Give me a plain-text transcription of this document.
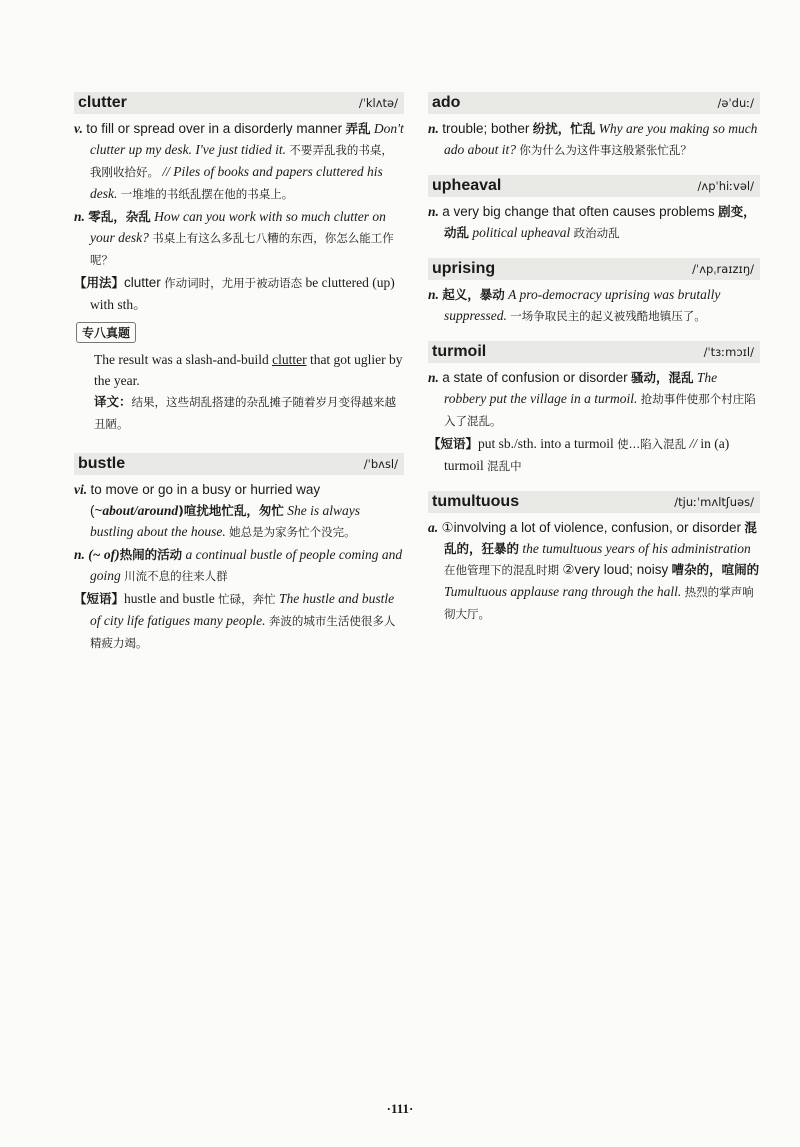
clutter	/ˈklʌtə/

v. to fill or spread over in a disorderly manner 弄乱 Don't clutter up my desk. I've just tidied it. 不要弄乱我的书桌，我刚收拾好。 // Piles of books and papers cluttered his desk. 一堆堆的书纸乱摆在他的书桌上。

n. 零乱，杂乱 How can you work with so much clutter on your desk? 书桌上有这么多乱七八糟的东西，你怎么能工作呢？

【用法】clutter 作动词时，尤用于被动语态 be cluttered (up) with sth。

专八真题
The result was a slash-and-build clutter that got uglier by the year.
译文：结果，这些胡乱搭建的杂乱摊子随着岁月变得越来越丑陋。
bustle	/ˈbʌsl/

vi. to move or go in a busy or hurried way (~about/around)喧扰地忙乱，匆忙 She is always bustling about the house. 她总是为家务忙个没完。

n. (~ of)热闹的活动 a continual bustle of people coming and going 川流不息的往来人群

【短语】hustle and bustle 忙碌，奔忙 The hustle and bustle of city life fatigues many people. 奔波的城市生活使很多人精疲力竭。

ado	/əˈduː/

n. trouble; bother 纷扰，忙乱 Why are you making so much ado about it? 你为什么为这件事这般紧张忙乱？

upheaval	/ʌpˈhiːvəl/

n. a very big change that often causes problems 剧变，动乱 political upheaval 政治动乱

uprising	/ˈʌpˌraɪzɪŋ/

n. 起义，暴动 A pro-democracy uprising was brutally suppressed. 一场争取民主的起义被残酷地镇压了。

turmoil	/ˈtɜːmɔɪl/

n. a state of confusion or disorder 骚动，混乱 The robbery put the village in a turmoil. 抢劫事件使那个村庄陷入了混乱。

【短语】put sb./sth. into a turmoil 使…陷入混乱 // in (a) turmoil 混乱中

tumultuous	/tjuːˈmʌltʃuəs/

a. ①involving a lot of violence, confusion, or disorder 混乱的，狂暴的 the tumultuous years of his administration 在他管理下的混乱时期 ②very loud; noisy 嘈杂的，喧闹的 Tumultuous applause rang through the hall. 热烈的掌声响彻大厅。

·111·
